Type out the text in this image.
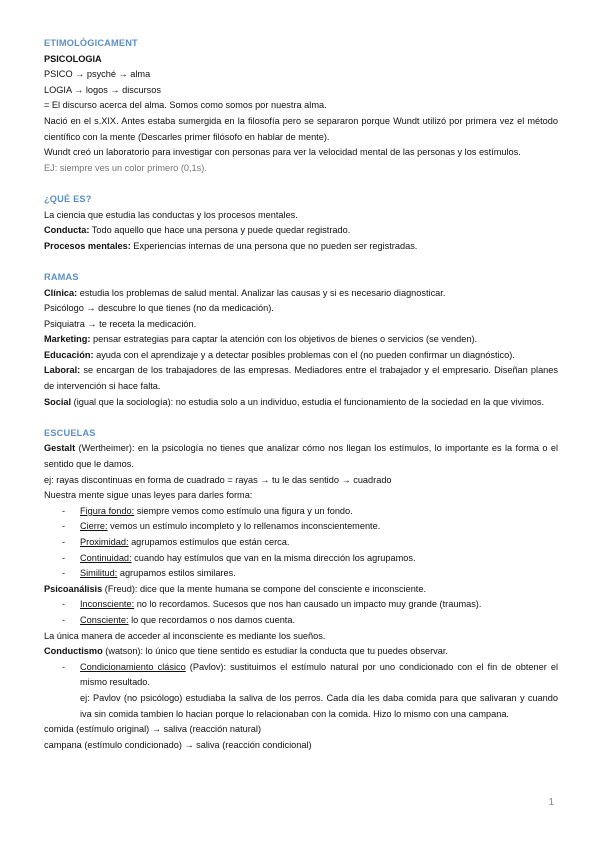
ETIMOLÒGICAMENT
PSICOLOGIA
PSICO → psyché → alma
LOGIA → logos → discursos
= El discurso acerca del alma. Somos como somos por nuestra alma.
Nació en el s.XIX. Antes estaba sumergida en la filosofía pero se separaron porque Wundt utilizó por primera vez el método científico con la mente (Descarles primer filósofo en hablar de mente).
Wundt creó un laboratorio para investigar con personas para ver la velocidad mental de las personas y los estímulos.
EJ: siempre ves un color primero (0,1s).
¿QUÉ ES?
La ciencia que estudia las conductas y los procesos mentales.
Conducta: Todo aquello que hace una persona y puede quedar registrado.
Procesos mentales: Experiencias internas de una persona que no pueden ser registradas.
RAMAS
Clínica: estudia los problemas de salud mental. Analizar las causas y si es necesario diagnosticar.
Psicólogo → descubre lo que tienes (no da medicación).
Psiquiatra → te receta la medicación.
Marketing: pensar estrategias para captar la atención con los objetivos de bienes o servicios (se venden).
Educación: ayuda con el aprendizaje y a detectar posibles problemas con el (no pueden confirmar un diagnóstico).
Laboral: se encargan de los trabajadores de las empresas. Mediadores entre el trabajador y el empresario. Diseñan planes de intervención si hace falta.
Social (igual que la sociología): no estudia solo a un individuo, estudia el funcionamiento de la sociedad en la que vivimos.
ESCUELAS
Gestalt (Wertheimer): en la psicología no tienes que analizar cómo nos llegan los estímulos, lo importante es la forma o el sentido que le damos.
ej: rayas discontinuas en forma de cuadrado = rayas → tu le das sentido → cuadrado
Nuestra mente sigue unas leyes para darles forma:
- Figura fondo: siempre vemos como estímulo una figura y un fondo.
- Cierre: vemos un estímulo incompleto y lo rellenamos inconscientemente.
- Proximidad: agrupamos estímulos que están cerca.
- Continuidad: cuando hay estímulos que van en la misma dirección los agrupamos.
- Similitud: agrupamos estilos similares.
Psicoanálisis (Freud): dice que la mente humana se compone del consciente e inconsciente.
- Inconsciente: no lo recordamos. Sucesos que nos han causado un impacto muy grande (traumas).
- Consciente: lo que recordamos o nos damos cuenta.
La única manera de acceder al inconsciente es mediante los sueños.
Conductismo (watson): lo único que tiene sentido es estudiar la conducta que tu puedes observar.
- Condicionamiento clásico (Pavlov): sustituimos el estímulo natural por uno condicionado con el fin de obtener el mismo resultado.
ej: Pavlov (no psicólogo) estudiaba la saliva de los perros. Cada día les daba comida para que salivaran y cuando iva sin comida tambien lo hacian porque lo relacionaban con la comida. Hizo lo mismo con una campana.
comida (estímulo original) → saliva (reacción natural)
campana (estímulo condicionado) → saliva (reacción condicional)
1
